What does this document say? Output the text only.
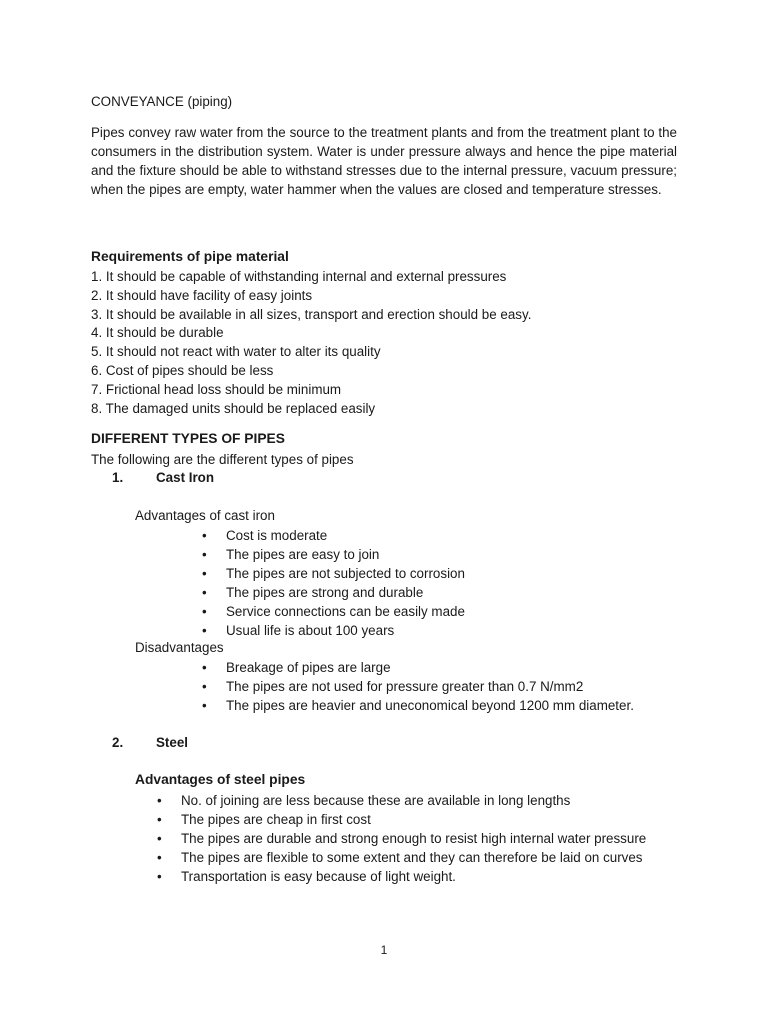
CONVEYANCE (piping)
Pipes convey raw water from the source to the treatment plants and from the treatment plant to the consumers in the distribution system. Water is under pressure always and hence the pipe material and the fixture should be able to withstand stresses due to the internal pressure, vacuum pressure; when the pipes are empty, water hammer when the values are closed and temperature stresses.
Requirements of pipe material
1. It should be capable of withstanding internal and external pressures
2. It should have facility of easy joints
3. It should be available in all sizes, transport and erection should be easy.
4. It should be durable
5. It should not react with water to alter its quality
6. Cost of pipes should be less
7. Frictional head loss should be minimum
8. The damaged units should be replaced easily
DIFFERENT TYPES OF PIPES
The following are the different types of pipes
1. Cast Iron
Advantages of cast iron
• Cost is moderate
• The pipes are easy to join
• The pipes are not subjected to corrosion
• The pipes are strong and durable
• Service connections can be easily made
• Usual life is about 100 years
Disadvantages
• Breakage of pipes are large
• The pipes are not used for pressure greater than 0.7 N/mm2
• The pipes are heavier and uneconomical beyond 1200 mm diameter.
2. Steel
Advantages of steel pipes
• No. of joining are less because these are available in long lengths
• The pipes are cheap in first cost
• The pipes are durable and strong enough to resist high internal water pressure
• The pipes are flexible to some extent and they can therefore be laid on curves
• Transportation is easy because of light weight.
1
